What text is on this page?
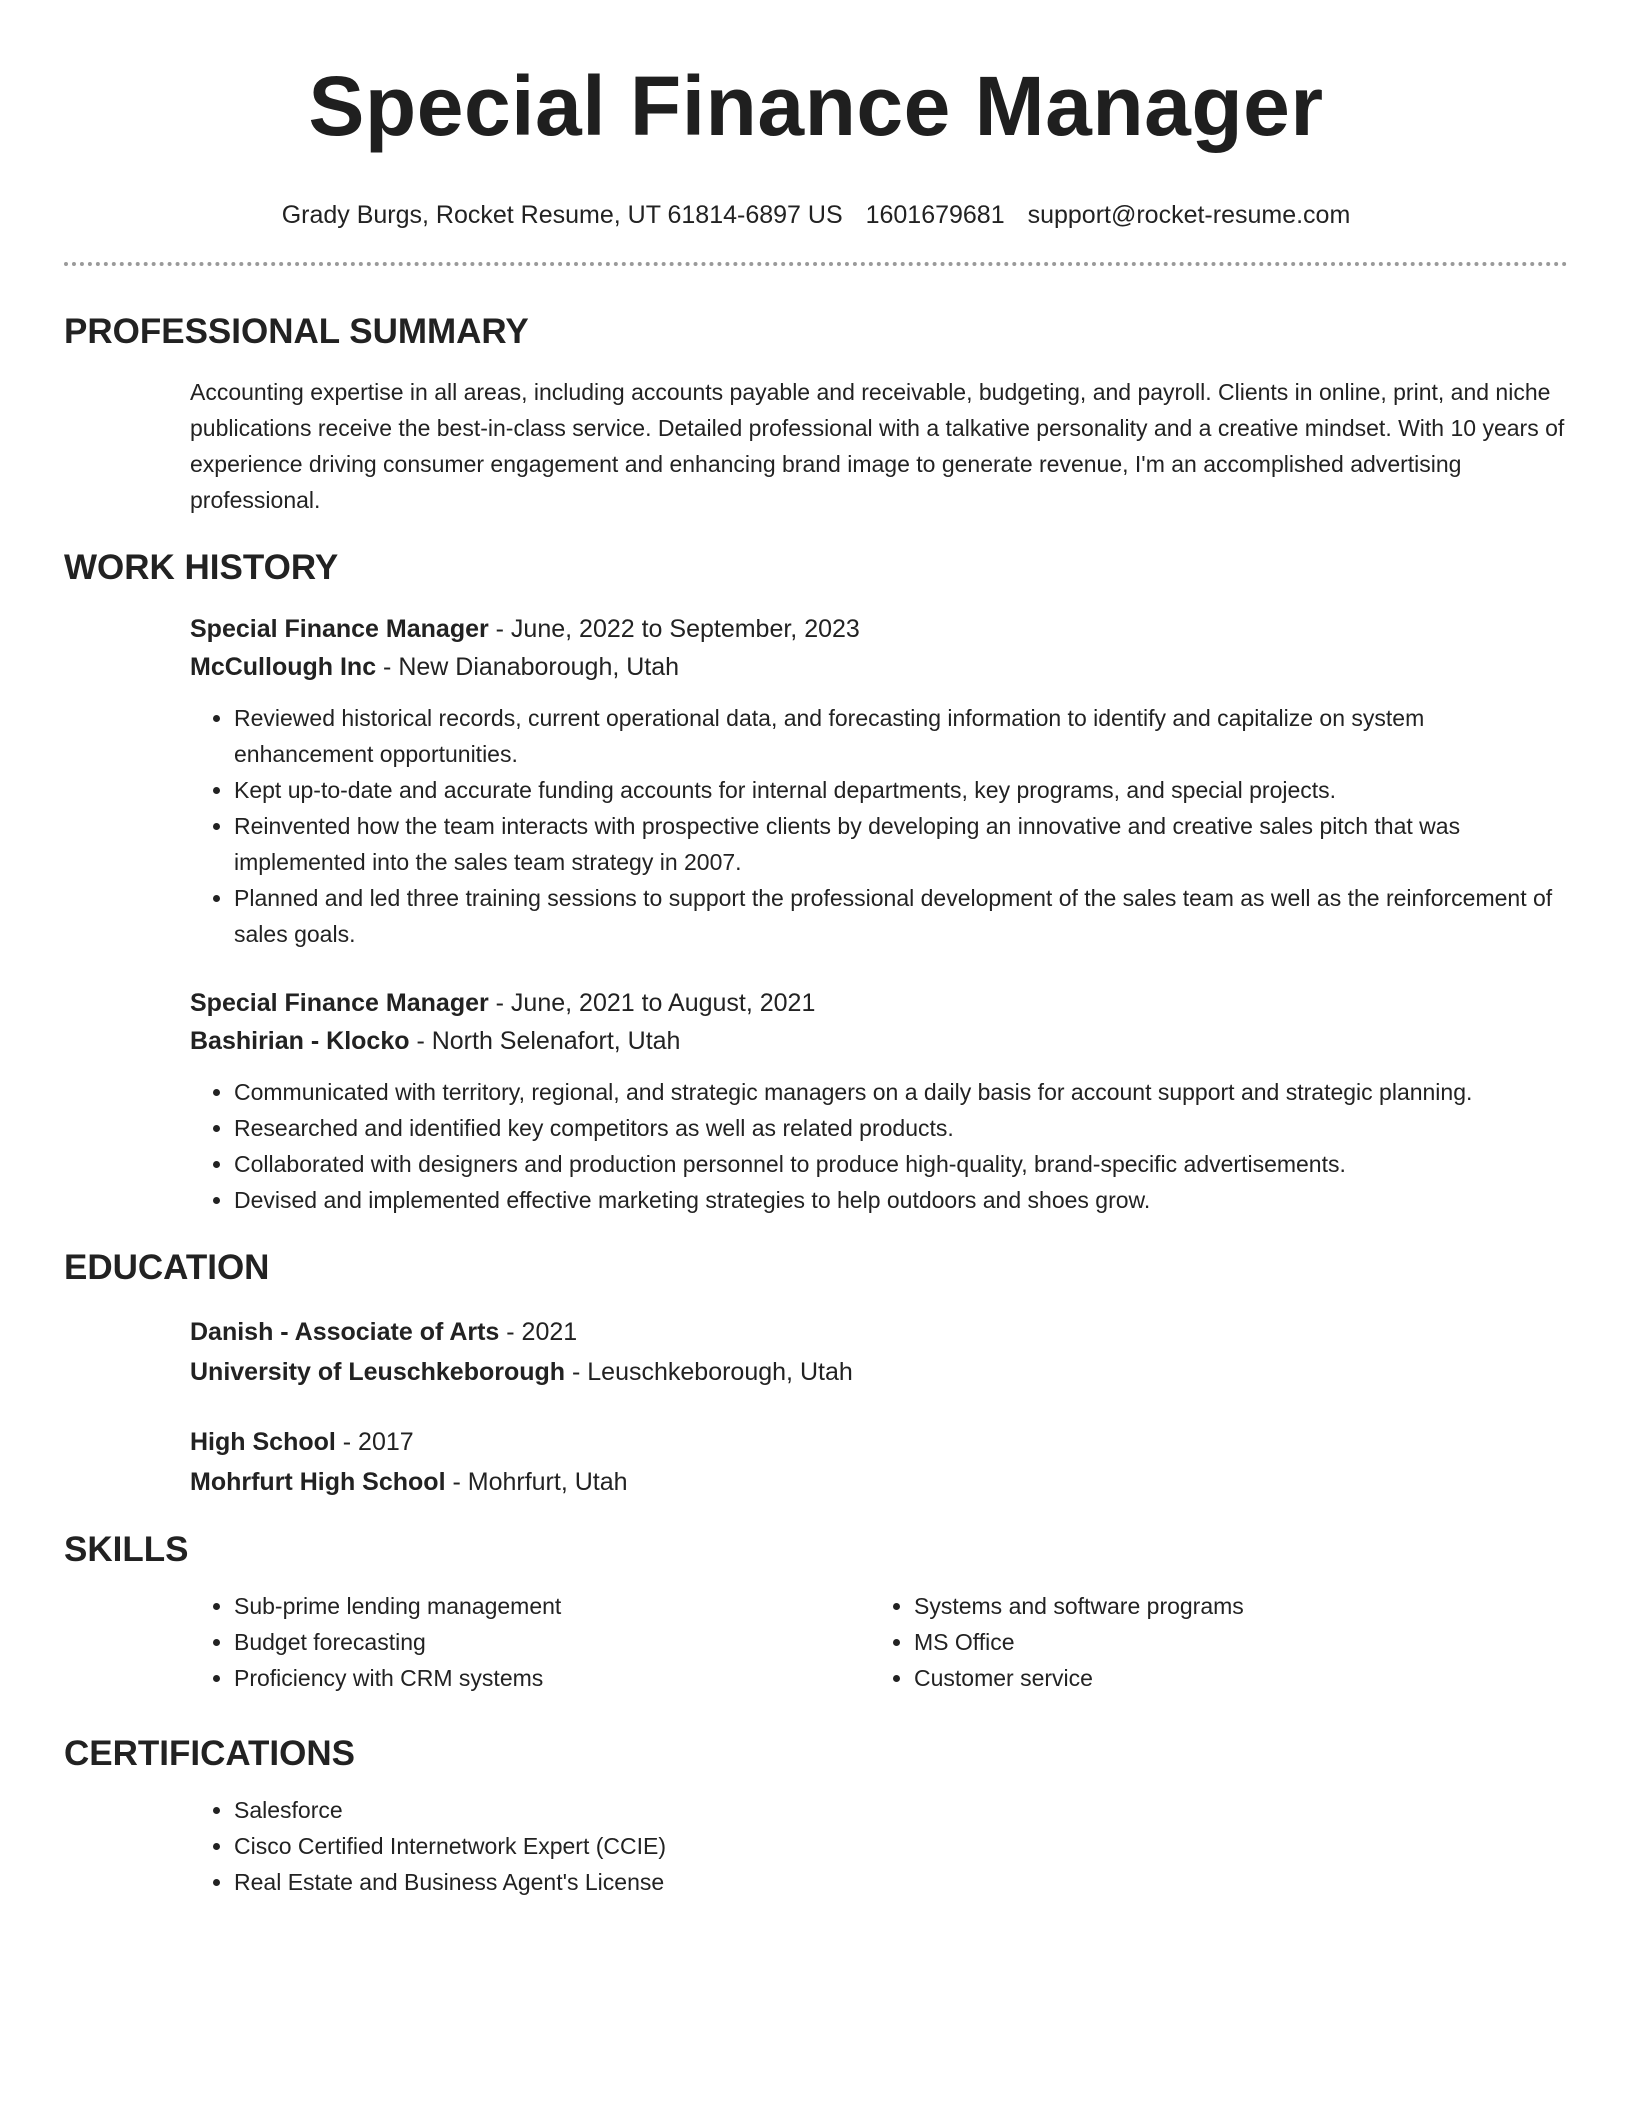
Special Finance Manager
Grady Burgs, Rocket Resume, UT 61814-6897 US 1601679681 support@rocket-resume.com
PROFESSIONAL SUMMARY
Accounting expertise in all areas, including accounts payable and receivable, budgeting, and payroll. Clients in online, print, and niche publications receive the best-in-class service. Detailed professional with a talkative personality and a creative mindset. With 10 years of experience driving consumer engagement and enhancing brand image to generate revenue, I'm an accomplished advertising professional.
WORK HISTORY
Special Finance Manager - June, 2022 to September, 2023
McCullough Inc - New Dianaborough, Utah
• Reviewed historical records, current operational data, and forecasting information to identify and capitalize on system enhancement opportunities.
• Kept up-to-date and accurate funding accounts for internal departments, key programs, and special projects.
• Reinvented how the team interacts with prospective clients by developing an innovative and creative sales pitch that was implemented into the sales team strategy in 2007.
• Planned and led three training sessions to support the professional development of the sales team as well as the reinforcement of sales goals.
Special Finance Manager - June, 2021 to August, 2021
Bashirian - Klocko - North Selenafort, Utah
• Communicated with territory, regional, and strategic managers on a daily basis for account support and strategic planning.
• Researched and identified key competitors as well as related products.
• Collaborated with designers and production personnel to produce high-quality, brand-specific advertisements.
• Devised and implemented effective marketing strategies to help outdoors and shoes grow.
EDUCATION
Danish - Associate of Arts - 2021
University of Leuschkeborough - Leuschkeborough, Utah
High School - 2017
Mohrfurt High School - Mohrfurt, Utah
SKILLS
• Sub-prime lending management
• Budget forecasting
• Proficiency with CRM systems
• Systems and software programs
• MS Office
• Customer service
CERTIFICATIONS
• Salesforce
• Cisco Certified Internetwork Expert (CCIE)
• Real Estate and Business Agent's License
